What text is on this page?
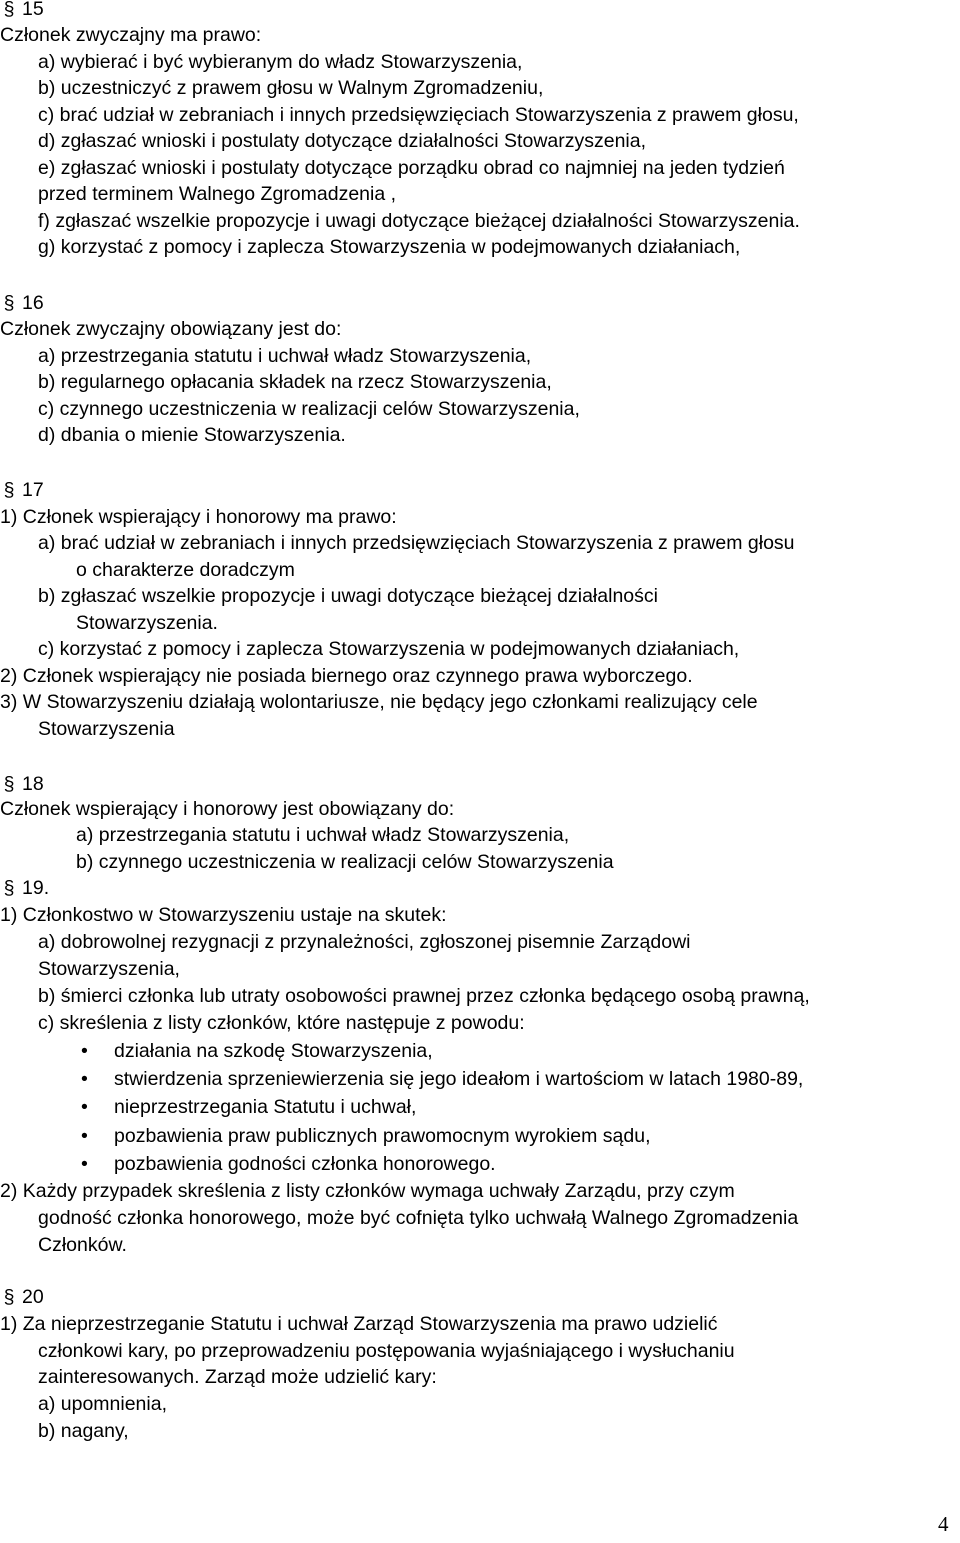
§ 15
Członek zwyczajny ma prawo:
a) wybierać i być wybieranym do władz Stowarzyszenia,
b) uczestniczyć z prawem głosu w Walnym Zgromadzeniu,
c) brać udział w zebraniach i innych przedsięwzięciach Stowarzyszenia z prawem głosu,
d) zgłaszać wnioski i postulaty dotyczące działalności Stowarzyszenia,
e) zgłaszać wnioski i postulaty dotyczące porządku obrad co najmniej na jeden tydzień
przed terminem Walnego Zgromadzenia ,
f) zgłaszać wszelkie propozycje i uwagi dotyczące bieżącej działalności Stowarzyszenia.
g) korzystać z pomocy i zaplecza Stowarzyszenia w podejmowanych działaniach,
§ 16
Członek zwyczajny obowiązany jest do:
a) przestrzegania statutu i uchwał władz Stowarzyszenia,
b) regularnego opłacania składek na rzecz Stowarzyszenia,
c) czynnego uczestniczenia w realizacji celów Stowarzyszenia,
d) dbania o mienie Stowarzyszenia.
§ 17
1) Członek wspierający i honorowy ma prawo:
a) brać udział w zebraniach i innych przedsięwzięciach Stowarzyszenia z prawem głosu
o charakterze doradczym
b) zgłaszać wszelkie propozycje i uwagi dotyczące bieżącej działalności
Stowarzyszenia.
c) korzystać z pomocy i zaplecza Stowarzyszenia w podejmowanych działaniach,
2) Członek wspierający nie posiada biernego oraz czynnego prawa wyborczego.
3) W Stowarzyszeniu działają wolontariusze, nie będący jego członkami realizujący cele
Stowarzyszenia
§ 18
Członek wspierający i honorowy jest obowiązany do:
a) przestrzegania statutu i uchwał władz Stowarzyszenia,
b) czynnego uczestniczenia w realizacji celów Stowarzyszenia
§ 19.
1) Członkostwo w Stowarzyszeniu ustaje na skutek:
a) dobrowolnej rezygnacji z przynależności, zgłoszonej pisemnie Zarządowi
Stowarzyszenia,
b) śmierci członka lub utraty osobowości prawnej przez członka będącego osobą prawną,
c) skreślenia z listy członków, które następuje z powodu:
• działania na szkodę Stowarzyszenia,
• stwierdzenia sprzeniewierzenia się jego ideałom i wartościom w latach 1980-89,
• nieprzestrzegania Statutu i uchwał,
• pozbawienia praw publicznych prawomocnym wyrokiem sądu,
• pozbawienia godności członka honorowego.
2) Każdy przypadek skreślenia z listy członków wymaga uchwały Zarządu, przy czym
godność członka honorowego, może być cofnięta tylko uchwałą Walnego Zgromadzenia
Członków.
§ 20
1) Za nieprzestrzeganie Statutu i uchwał Zarząd Stowarzyszenia ma prawo udzielić
członkowi kary, po przeprowadzeniu postępowania wyjaśniającego i wysłuchaniu
zainteresowanych. Zarząd może udzielić kary:
a) upomnienia,
b) nagany,
4
